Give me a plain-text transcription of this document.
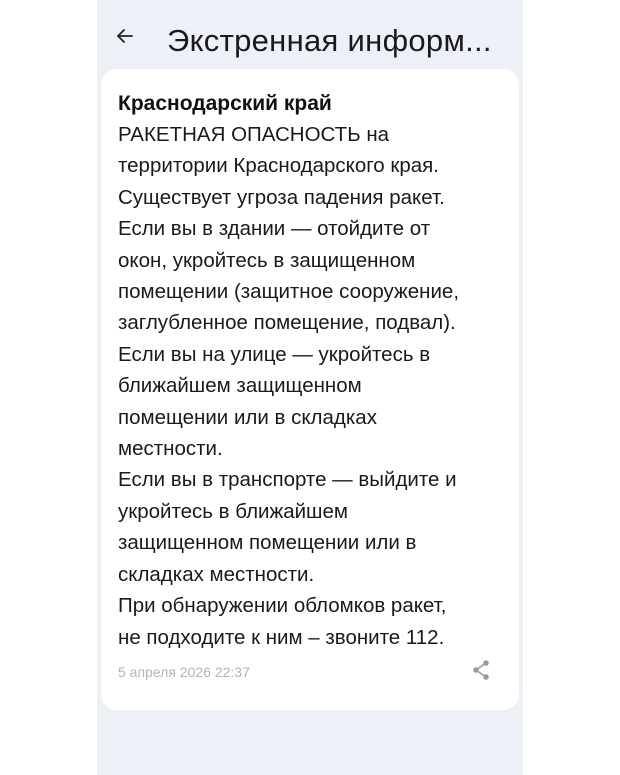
Экстренная информ...
Краснодарский край
РАКЕТНАЯ ОПАСНОСТЬ на
территории Краснодарского края.
Существует угроза падения ракет.
Если вы в здании — отойдите от
окон, укройтесь в защищенном
помещении (защитное сооружение,
заглубленное помещение, подвал).
Если вы на улице — укройтесь в
ближайшем защищенном
помещении или в складках
местности.
Если вы в транспорте — выйдите и
укройтесь в ближайшем
защищенном помещении или в
складках местности.
При обнаружении обломков ракет,
не подходите к ним – звоните 112.
5 апреля 2026 22:37
